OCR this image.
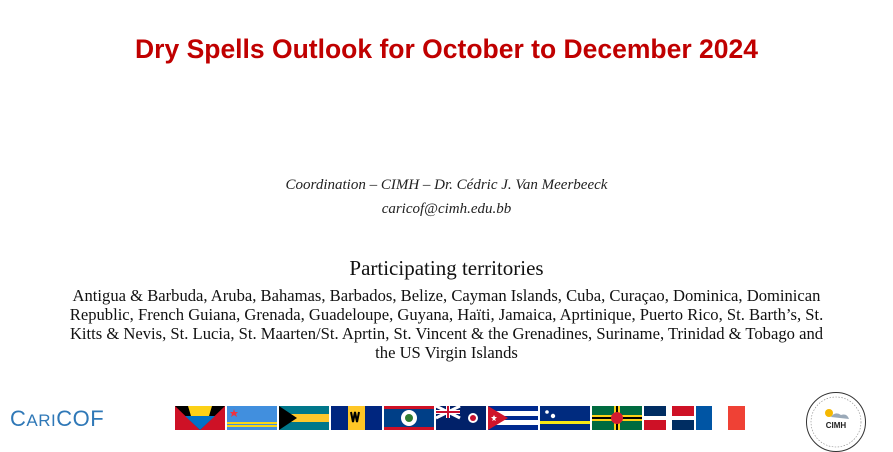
Dry Spells Outlook for October to December 2024
Coordination – CIMH – Dr. Cédric J. Van Meerbeeck
caricof@cimh.edu.bb
Participating territories
Antigua & Barbuda, Aruba, Bahamas, Barbados, Belize, Cayman Islands, Cuba, Curaçao, Dominica, Dominican Republic, French Guiana, Grenada, Guadeloupe, Guyana, Haïti, Jamaica, Aprtinique, Puerto Rico, St. Barth’s, St. Kitts & Nevis, St. Lucia, St. Maarten/St. Aprtin, St. Vincent & the Grenadines, Suriname, Trinidad & Tobago and the US Virgin Islands
CARICOF	CIMH
